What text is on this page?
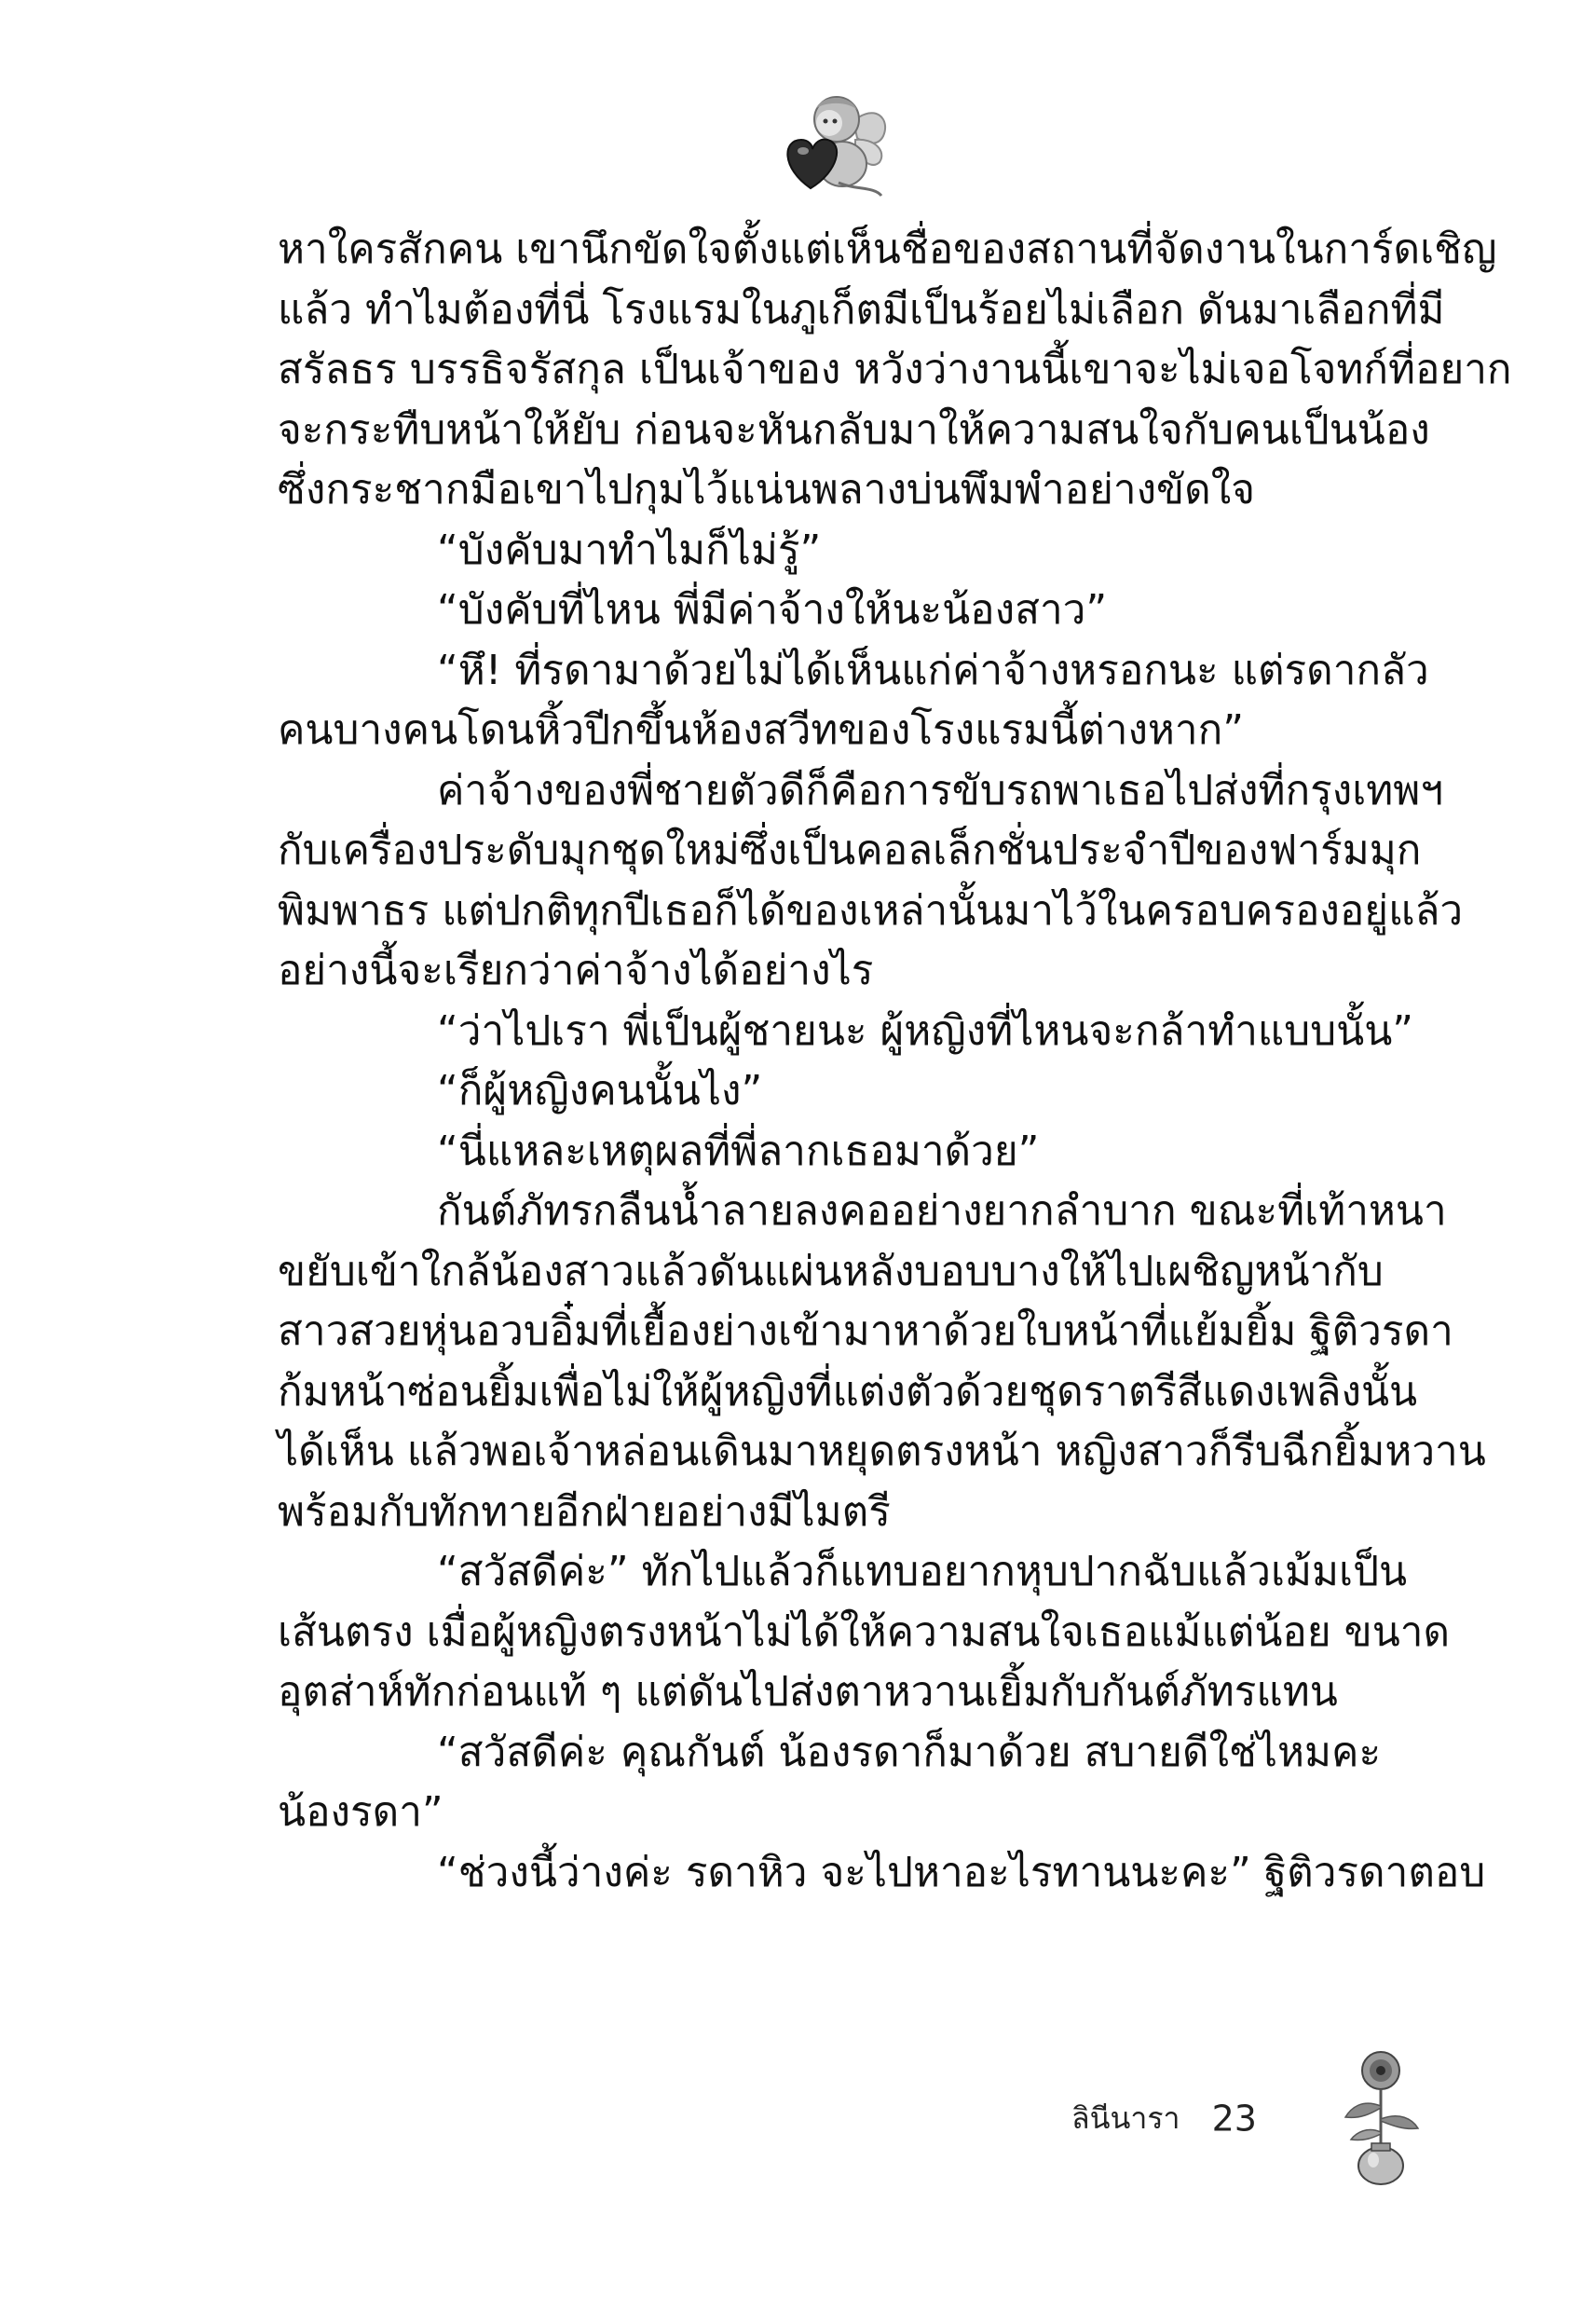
หาใครสักคน เขานึกขัดใจตั้งแต่เห็นชื่อของสถานที่จัดงานในการ์ดเชิญ
แล้ว ทำไมต้องที่นี่ โรงแรมในภูเก็ตมีเป็นร้อยไม่เลือก ดันมาเลือกที่มี
สรัลธร บรรธิจรัสกุล เป็นเจ้าของ หวังว่างานนี้เขาจะไม่เจอโจทก์ที่อยาก
จะกระทืบหน้าให้ยับ ก่อนจะหันกลับมาให้ความสนใจกับคนเป็นน้อง
ซึ่งกระชากมือเขาไปกุมไว้แน่นพลางบ่นพึมพำอย่างขัดใจ
“บังคับมาทำไมก็ไม่รู้”
“บังคับที่ไหน พี่มีค่าจ้างให้นะน้องสาว”
“หึ! ที่รดามาด้วยไม่ได้เห็นแก่ค่าจ้างหรอกนะ แต่รดากลัว
คนบางคนโดนหิ้วปีกขึ้นห้องสวีทของโรงแรมนี้ต่างหาก”
ค่าจ้างของพี่ชายตัวดีก็คือการขับรถพาเธอไปส่งที่กรุงเทพฯ
กับเครื่องประดับมุกชุดใหม่ซึ่งเป็นคอลเล็กชั่นประจำปีของฟาร์มมุก
พิมพาธร แต่ปกติทุกปีเธอก็ได้ของเหล่านั้นมาไว้ในครอบครองอยู่แล้ว
อย่างนี้จะเรียกว่าค่าจ้างได้อย่างไร
“ว่าไปเรา พี่เป็นผู้ชายนะ ผู้หญิงที่ไหนจะกล้าทำแบบนั้น”
“ก็ผู้หญิงคนนั้นไง”
“นี่แหละเหตุผลที่พี่ลากเธอมาด้วย”
กันต์ภัทรกลืนน้ำลายลงคออย่างยากลำบาก ขณะที่เท้าหนา
ขยับเข้าใกล้น้องสาวแล้วดันแผ่นหลังบอบบางให้ไปเผชิญหน้ากับ
สาวสวยหุ่นอวบอิ๋มที่เยื้องย่างเข้ามาหาด้วยใบหน้าที่แย้มยิ้ม ฐิติวรดา
ก้มหน้าซ่อนยิ้มเพื่อไม่ให้ผู้หญิงที่แต่งตัวด้วยชุดราตรีสีแดงเพลิงนั้น
ได้เห็น แล้วพอเจ้าหล่อนเดินมาหยุดตรงหน้า หญิงสาวก็รีบฉีกยิ้มหวาน
พร้อมกับทักทายอีกฝ่ายอย่างมีไมตรี
“สวัสดีค่ะ” ทักไปแล้วก็แทบอยากหุบปากฉับแล้วเม้มเป็น
เส้นตรง เมื่อผู้หญิงตรงหน้าไม่ได้ให้ความสนใจเธอแม้แต่น้อย ขนาด
อุตส่าห์ทักก่อนแท้ ๆ แต่ดันไปส่งตาหวานเยิ้มกับกันต์ภัทรแทน
“สวัสดีค่ะ คุณกันต์ น้องรดาก็มาด้วย สบายดีใช่ไหมคะ
น้องรดา”
“ช่วงนี้ว่างค่ะ รดาหิว จะไปหาอะไรทานนะคะ” ฐิติวรดาตอบ
ลินีนารา 23
